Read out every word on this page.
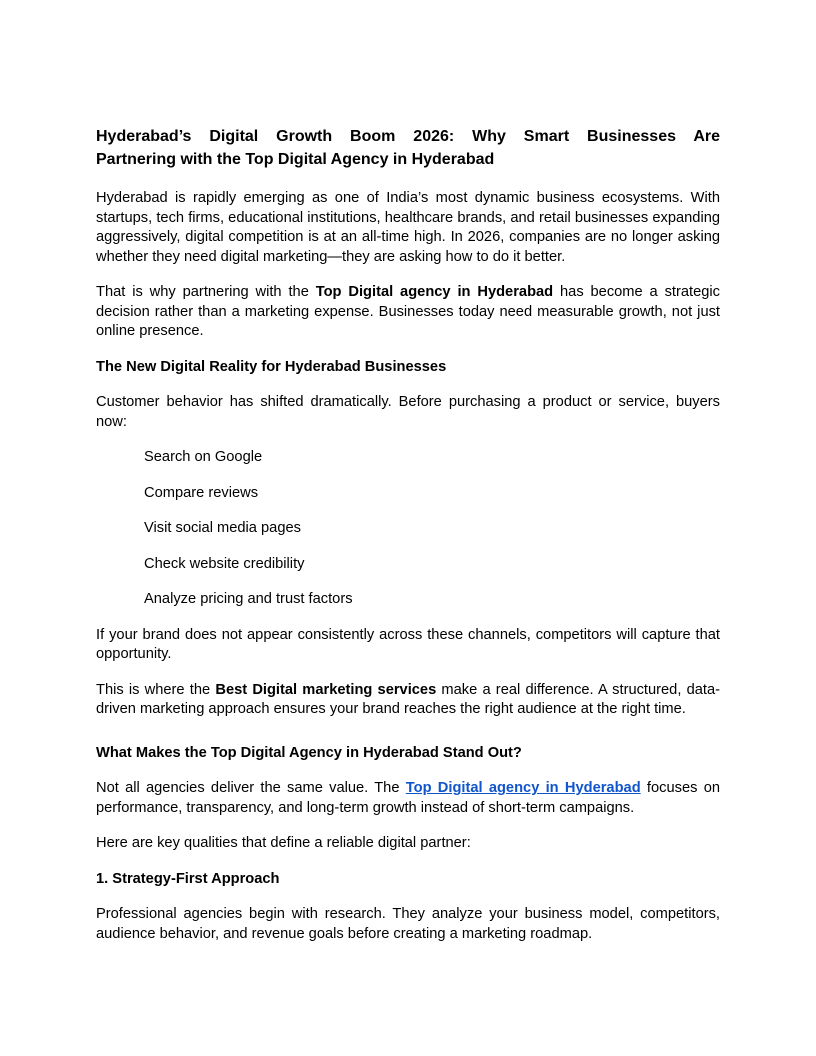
Hyderabad’s Digital Growth Boom 2026: Why Smart Businesses Are
Partnering with the Top Digital Agency in Hyderabad

Hyderabad is rapidly emerging as one of India’s most dynamic business ecosystems. With startups, tech firms, educational institutions, healthcare brands, and retail businesses expanding aggressively, digital competition is at an all-time high. In 2026, companies are no longer asking whether they need digital marketing—they are asking how to do it better.

That is why partnering with the Top Digital agency in Hyderabad has become a strategic decision rather than a marketing expense. Businesses today need measurable growth, not just online presence.

The New Digital Reality for Hyderabad Businesses

Customer behavior has shifted dramatically. Before purchasing a product or service, buyers now:

Search on Google
Compare reviews
Visit social media pages
Check website credibility
Analyze pricing and trust factors

If your brand does not appear consistently across these channels, competitors will capture that opportunity.

This is where the Best Digital marketing services make a real difference. A structured, data-driven marketing approach ensures your brand reaches the right audience at the right time.

What Makes the Top Digital Agency in Hyderabad Stand Out?

Not all agencies deliver the same value. The Top Digital agency in Hyderabad focuses on performance, transparency, and long-term growth instead of short-term campaigns.

Here are key qualities that define a reliable digital partner:

1. Strategy-First Approach

Professional agencies begin with research. They analyze your business model, competitors, audience behavior, and revenue goals before creating a marketing roadmap.
